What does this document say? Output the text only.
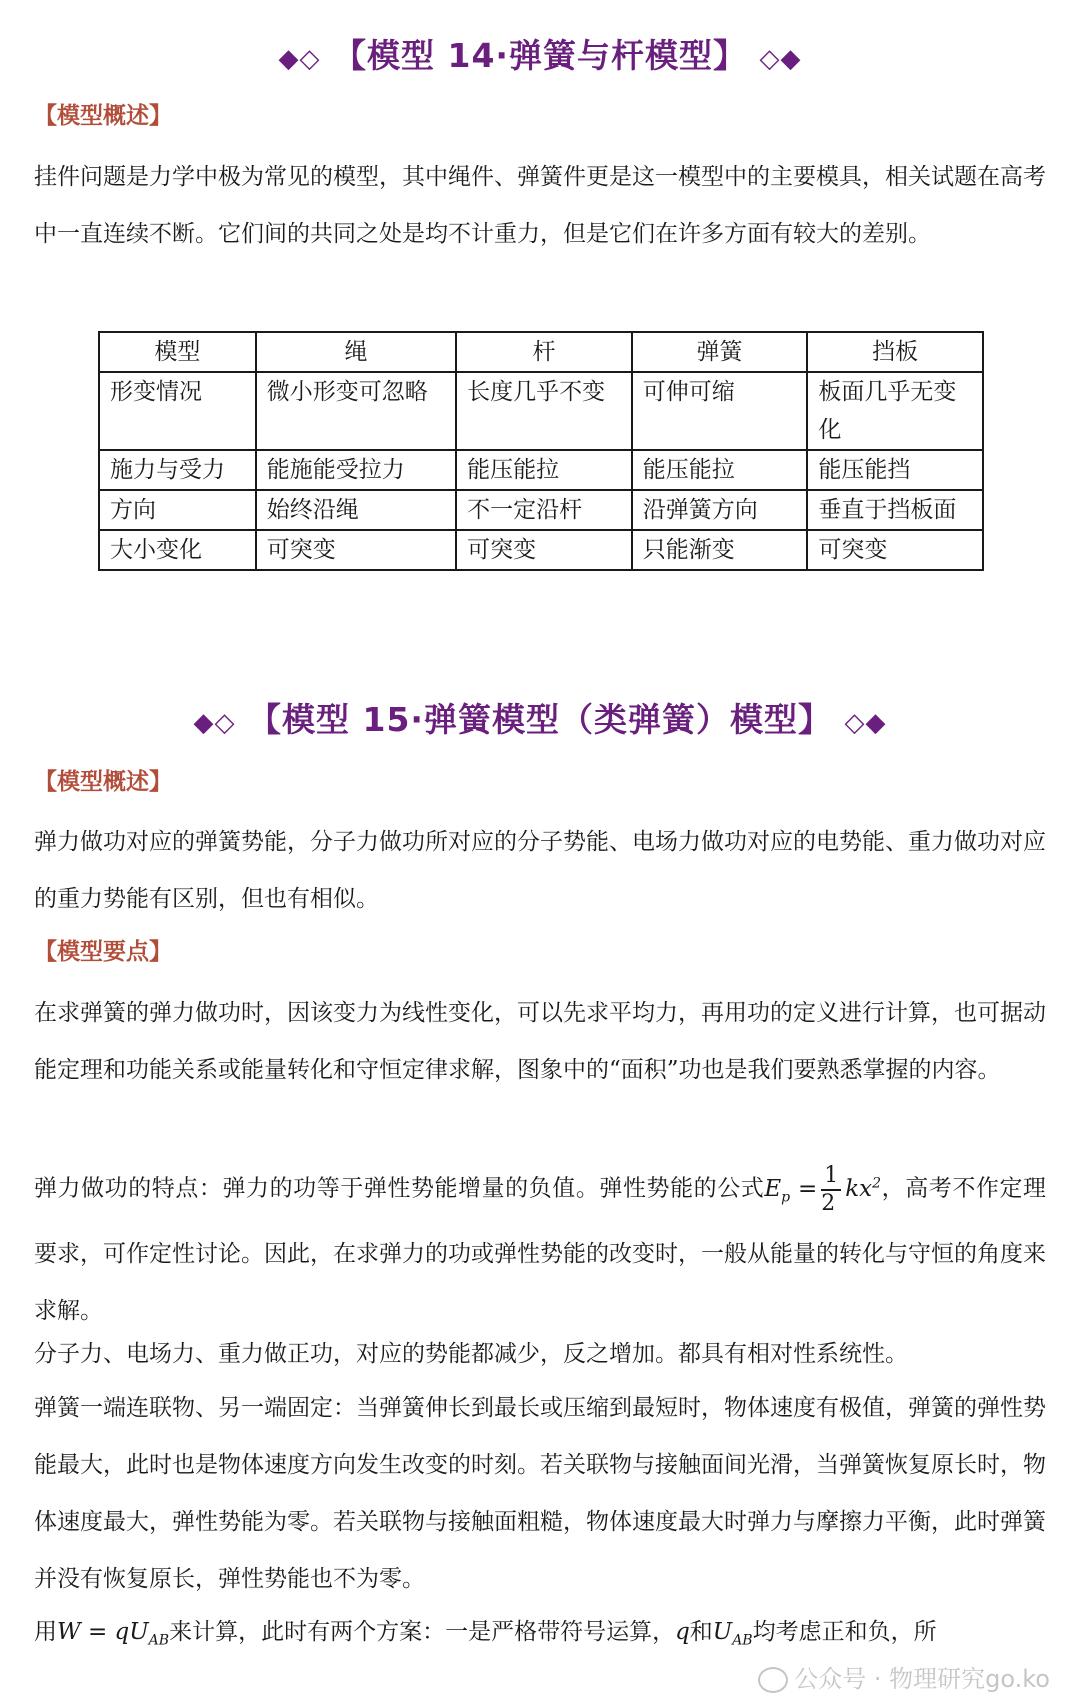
◆◇ 【模型 14·弹簧与杆模型】 ◇◆
【模型概述】

挂件问题是力学中极为常见的模型，其中绳件、弹簧件更是这一模型中的主要模具，相关试题在高考中一直连续不断。它们间的共同之处是均不计重力，但是它们在许多方面有较大的差别。

模型	绳	杆	弹簧	挡板
形变情况	微小形变可忽略	长度几乎不变	可伸可缩	板面几乎无变化
施力与受力	能施能受拉力	能压能拉	能压能拉	能压能挡
方向	始终沿绳	不一定沿杆	沿弹簧方向	垂直于挡板面
大小变化	可突变	可突变	只能渐变	可突变
◆◇ 【模型 15·弹簧模型（类弹簧）模型】 ◇◆
【模型概述】

弹力做功对应的弹簧势能，分子力做功所对应的分子势能、电场力做功对应的电势能、重力做功对应的重力势能有区别，但也有相似。

【模型要点】

在求弹簧的弹力做功时，因该变力为线性变化，可以先求平均力，再用功的定义进行计算，也可据动能定理和功能关系或能量转化和守恒定律求解，图象中的“面积”功也是我们要熟悉掌握的内容。

弹力做功的特点：弹力的功等于弹性势能增量的负值。弹性势能的公式$E_p = \frac{1}{2} kx^2$，高考不作定理要求，可作定性讨论。因此，在求弹力的功或弹性势能的改变时，一般从能量的转化与守恒的角度来求解。

分子力、电场力、重力做正功，对应的势能都减少，反之增加。都具有相对性系统性。

弹簧一端连联物、另一端固定：当弹簧伸长到最长或压缩到最短时，物体速度有极值，弹簧的弹性势能最大，此时也是物体速度方向发生改变的时刻。若关联物与接触面间光滑，当弹簧恢复原长时，物体速度最大，弹性势能为零。若关联物与接触面粗糙，物体速度最大时弹力与摩擦力平衡，此时弹簧并没有恢复原长，弹性势能也不为零。

用$W = qU_{AB}$来计算，此时有两个方案：一是严格带符号运算，q和$U_{AB}$均考虑正和负，所

公众号 · 物理研究go.ko
